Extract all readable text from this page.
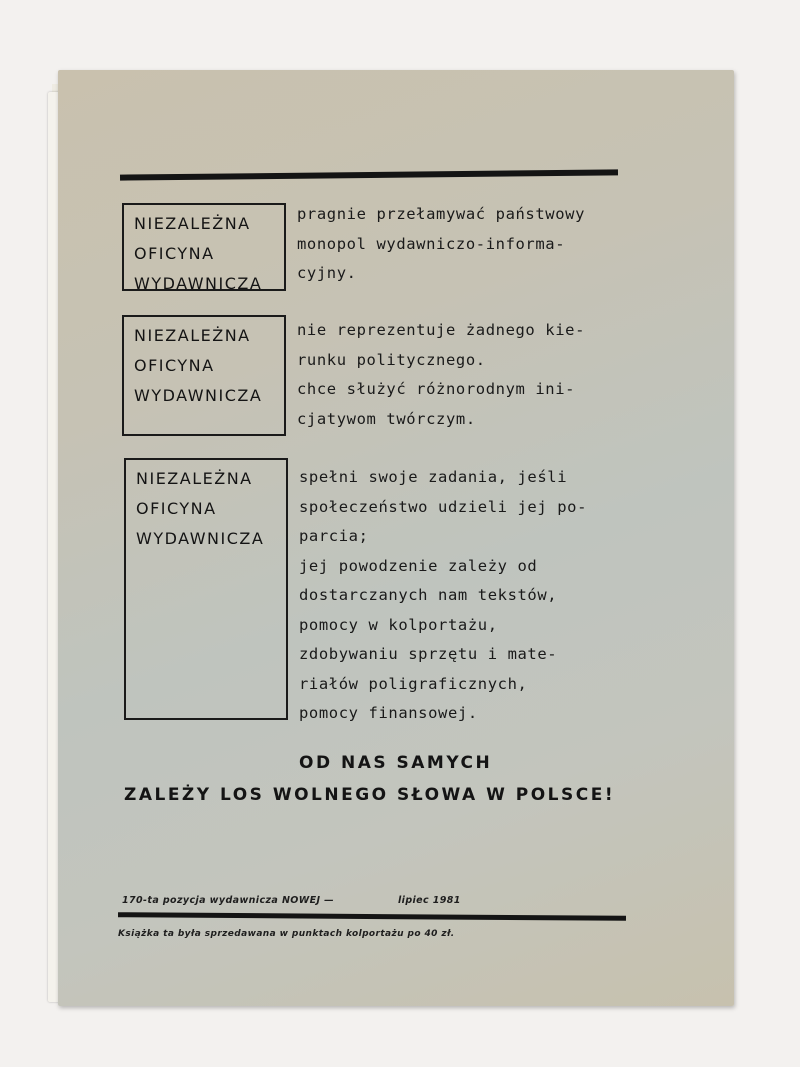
NIEZALEŻNA
OFICYNA
WYDAWNICZA
pragnie przełamywać państwowy
monopol wydawniczo-informa-
cyjny.
NIEZALEŻNA
OFICYNA
WYDAWNICZA
nie reprezentuje żadnego kie-
runku politycznego.
chce służyć różnorodnym ini-
cjatywom twórczym.
NIEZALEŻNA
OFICYNA
WYDAWNICZA
spełni swoje zadania, jeśli
społeczeństwo udzieli jej po-
parcia;
jej powodzenie zależy od
dostarczanych nam tekstów,
pomocy w kolportażu,
zdobywaniu sprzętu i mate-
riałów poligraficznych,
pomocy finansowej.
OD NAS SAMYCH
ZALEŻY LOS WOLNEGO SŁOWA W POLSCE!
170-ta pozycja wydawnicza NOWEJ —	lipiec 1981
Książka ta była sprzedawana w punktach kolportażu po 40 zł.
